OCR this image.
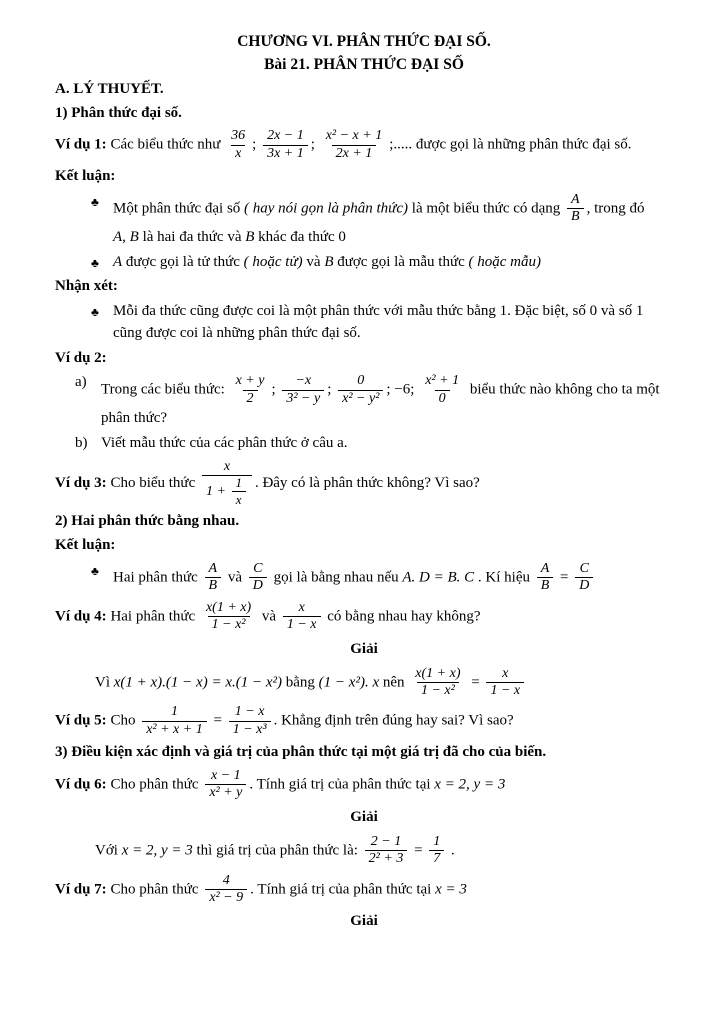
CHƯƠNG VI. PHÂN THỨC ĐẠI SỐ.
Bài 21. PHÂN THỨC ĐẠI SỐ
A. LÝ THUYẾT.
1) Phân thức đại số.
Ví dụ 1: Các biểu thức như $\frac{36}{x}$ ; $\frac{2x - 1}{3x + 1}$ ; $\frac{\text{x² − x + 1}}{2x + 1}$ ;..... được gọi là những phân thức đại số.
Kết luận:
♣ Một phân thức đại số ( hay nói gọn là phân thức) là một biểu thức có dạng $\frac{A}{B}$ , trong đó
A, B là hai đa thức và B khác đa thức 0
♣ A được gọi là tử thức ( hoặc tử) và B được gọi là mẫu thức ( hoặc mẫu)
Nhận xét:
♣ Mỗi đa thức cũng được coi là một phân thức với mẫu thức bằng 1. Đặc biệt, số 0 và số 1 cũng được coi là những phân thức đại số.
Ví dụ 2:
a) Trong các biểu thức: $\frac{x + y}{2}$ ; $\frac{-x}{\text{3² − y}}$ ; $\frac{0}{\text{x² − y²}}$ ; −6; $\frac{\text{x² + 1}}{0}$ biểu thức nào không cho ta một phân thức?
b) Viết mẫu thức của các phân thức ở câu a.
Ví dụ 3: Cho biểu thức $\frac{x}{1 + \frac{1}{x}}$ . Đây có là phân thức không? Vì sao?
2) Hai phân thức bằng nhau.
Kết luận:
♣ Hai phân thức $\frac{A}{B}$ và $\frac{C}{D}$ gọi là bằng nhau nếu A. D = B. C . Kí hiệu $\frac{A}{B} = \frac{C}{D}$
Ví dụ 4: Hai phân thức $\frac{x(1 + x)}{\text{1 − x²}}$ và $\frac{x}{1 - x}$ có bằng nhau hay không?
Giải
Vì x(1 + x).(1 − x) = x.(1 − x²) bằng (1 − x²). x nên $\frac{x(1 + x)}{\text{1 − x²}} = \frac{x}{1 - x}$
Ví dụ 5: Cho $\frac{1}{\text{x² + x + 1}} = \frac{1 - x}{\text{1 − x³}}$ . Khẳng định trên đúng hay sai? Vì sao?
3) Điều kiện xác định và giá trị của phân thức tại một giá trị đã cho của biến.
Ví dụ 6: Cho phân thức $\frac{x - 1}{\text{x² + y}}$ . Tính giá trị của phân thức tại x = 2, y = 3
Giải
Với x = 2, y = 3 thì giá trị của phân thức là: $\frac{2 - 1}{\text{2² + 3}} = \frac{1}{7}$ .
Ví dụ 7: Cho phân thức $\frac{4}{\text{x² − 9}}$ . Tính giá trị của phân thức tại x = 3
Giải
